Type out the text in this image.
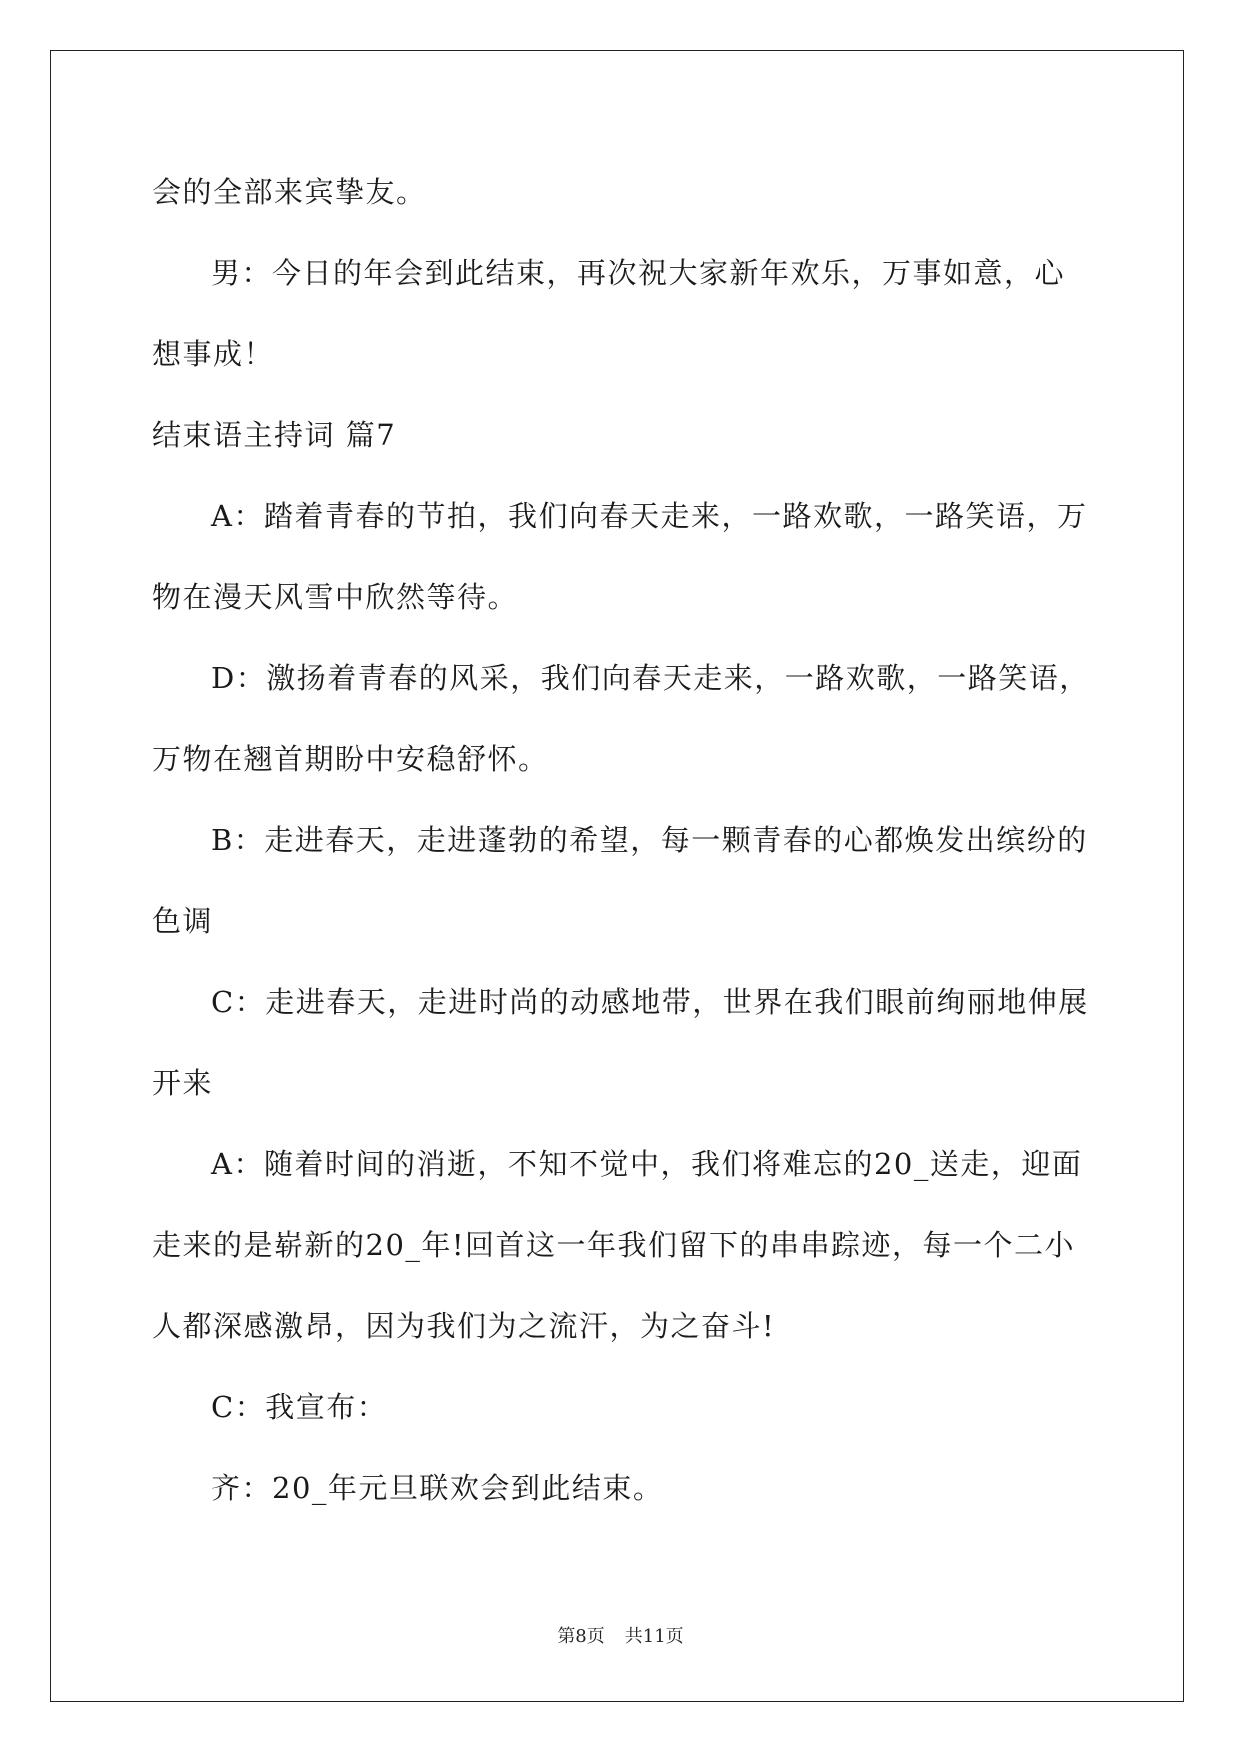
会的全部来宾挚友。
男：今日的年会到此结束，再次祝大家新年欢乐，万事如意，心
想事成！
结束语主持词 篇7
A：踏着青春的节拍，我们向春天走来，一路欢歌，一路笑语，万
物在漫天风雪中欣然等待。
D：激扬着青春的风采，我们向春天走来，一路欢歌，一路笑语，
万物在翘首期盼中安稳舒怀。
B：走进春天，走进蓬勃的希望，每一颗青春的心都焕发出缤纷的
色调
C：走进春天，走进时尚的动感地带，世界在我们眼前绚丽地伸展
开来
A：随着时间的消逝，不知不觉中，我们将难忘的20_送走，迎面
走来的是崭新的20_年!回首这一年我们留下的串串踪迹，每一个二小
人都深感激昂，因为我们为之流汗，为之奋斗!
C：我宣布：
齐：20_年元旦联欢会到此结束。
第8页 共11页
